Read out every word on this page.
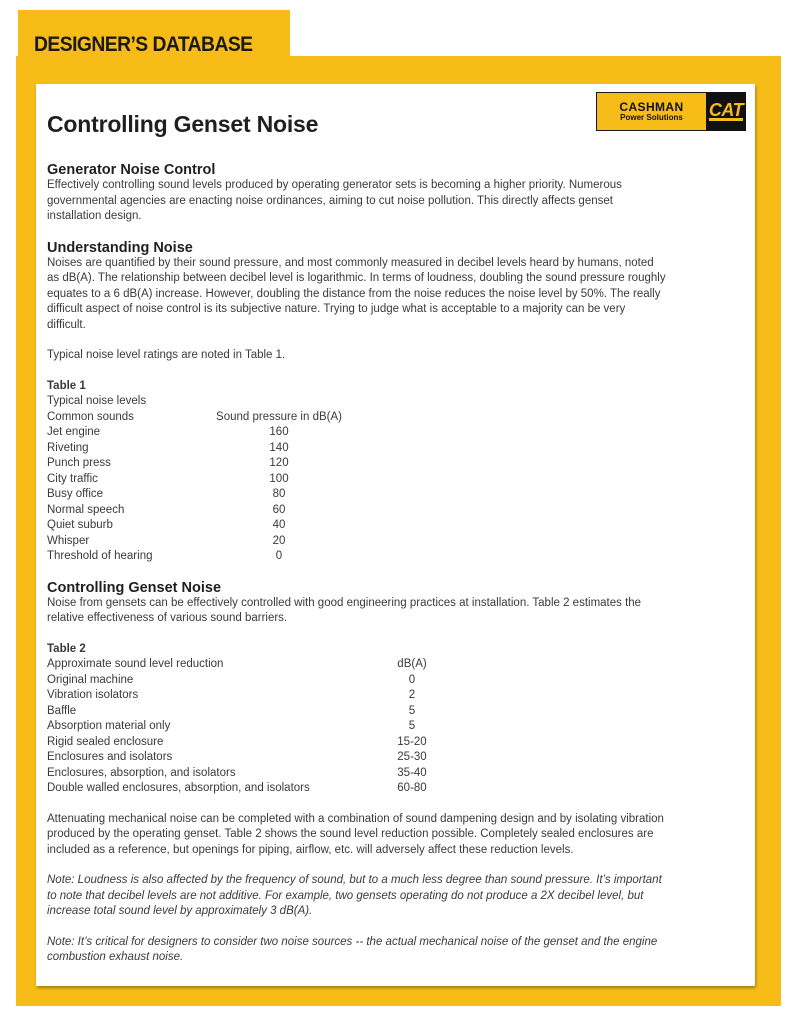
DESIGNER’S DATABASE
CASHMAN
Power Solutions CAT
Controlling Genset Noise
Generator Noise Control
Effectively controlling sound levels produced by operating generator sets is becoming a higher priority. Numerous
governmental agencies are enacting noise ordinances, aiming to cut noise pollution. This directly affects genset
installation design.
Understanding Noise
Noises are quantified by their sound pressure, and most commonly measured in decibel levels heard by humans, noted
as dB(A). The relationship between decibel level is logarithmic. In terms of loudness, doubling the sound pressure roughly
equates to a 6 dB(A) increase. However, doubling the distance from the noise reduces the noise level by 50%. The really
difficult aspect of noise control is its subjective nature. Trying to judge what is acceptable to a majority can be very
difficult.
Typical noise level ratings are noted in Table 1.
Table 1
Typical noise levels
Common sounds	Sound pressure in dB(A)
Jet engine	160
Riveting	140
Punch press	120
City traffic	100
Busy office	80
Normal speech	60
Quiet suburb	40
Whisper	20
Threshold of hearing	0
Controlling Genset Noise
Noise from gensets can be effectively controlled with good engineering practices at installation. Table 2 estimates the
relative effectiveness of various sound barriers.
Table 2
Approximate sound level reduction	dB(A)
Original machine	0
Vibration isolators	2
Baffle	5
Absorption material only	5
Rigid sealed enclosure	15-20
Enclosures and isolators	25-30
Enclosures, absorption, and isolators	35-40
Double walled enclosures, absorption, and isolators	60-80
Attenuating mechanical noise can be completed with a combination of sound dampening design and by isolating vibration
produced by the operating genset. Table 2 shows the sound level reduction possible. Completely sealed enclosures are
included as a reference, but openings for piping, airflow, etc. will adversely affect these reduction levels.
Note: Loudness is also affected by the frequency of sound, but to a much less degree than sound pressure. It’s important
to note that decibel levels are not additive. For example, two gensets operating do not produce a 2X decibel level, but
increase total sound level by approximately 3 dB(A).
Note: It’s critical for designers to consider two noise sources -- the actual mechanical noise of the genset and the engine
combustion exhaust noise.
